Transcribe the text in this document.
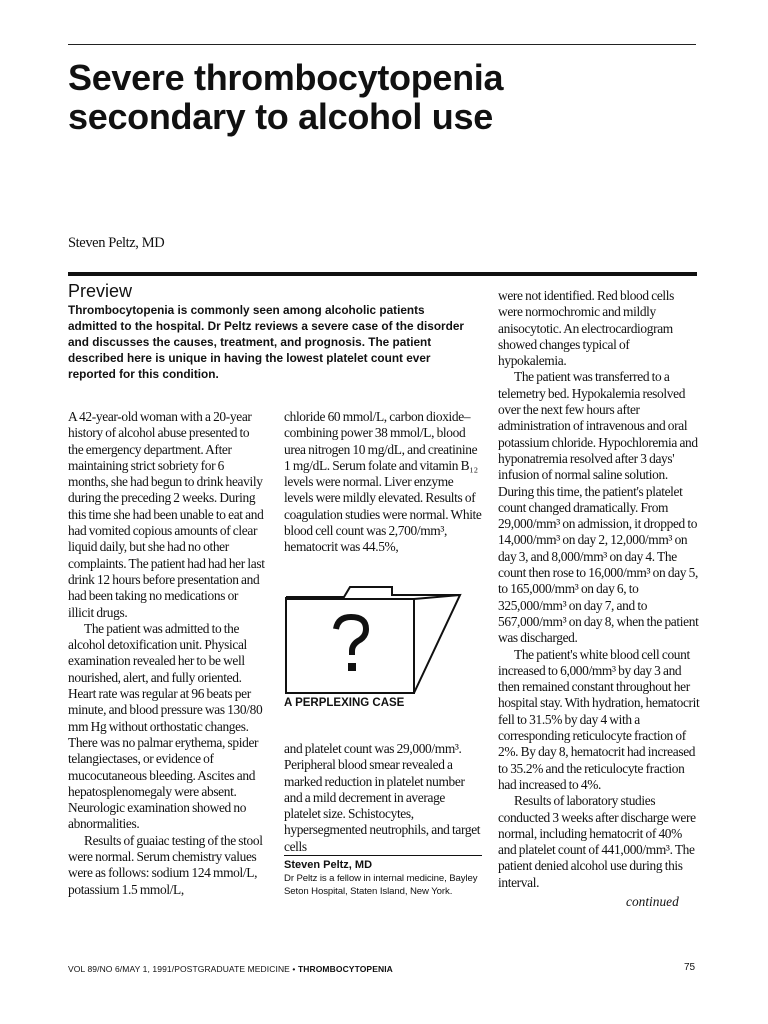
Severe thrombocytopenia
secondary to alcohol use
Steven Peltz, MD
Preview

Thrombocytopenia is commonly seen among alcoholic patients admitted to the hospital. Dr Peltz reviews a severe case of the disorder and discusses the causes, treatment, and prognosis. The patient described here is unique in having the lowest platelet count ever reported for this condition.

A 42-year-old woman with a 20-year history of alcohol abuse presented to the emergency department. After maintaining strict sobriety for 6 months, she had begun to drink heavily during the preceding 2 weeks. During this time she had been unable to eat and had vomited copious amounts of clear liquid daily, but she had no other complaints. The patient had had her last drink 12 hours before presentation and had been taking no medications or illicit drugs.

The patient was admitted to the alcohol detoxification unit. Physical examination revealed her to be well nourished, alert, and fully oriented. Heart rate was regular at 96 beats per minute, and blood pressure was 130/80 mm Hg without orthostatic changes. There was no palmar erythema, spider telangiectases, or evidence of mucocutaneous bleeding. Ascites and hepatosplenomegaly were absent. Neurologic examination showed no abnormalities.

Results of guaiac testing of the stool were normal. Serum chemistry values were as follows: sodium 124 mmol/L, potassium 1.5 mmol/L,

chloride 60 mmol/L, carbon dioxide–combining power 38 mmol/L, blood urea nitrogen 10 mg/dL, and creatinine 1 mg/dL. Serum folate and vitamin B₁₂ levels were normal. Liver enzyme levels were mildly elevated. Results of coagulation studies were normal. White blood cell count was 2,700/mm³, hematocrit was 44.5%,

A PERPLEXING CASE

and platelet count was 29,000/mm³. Peripheral blood smear revealed a marked reduction in platelet number and a mild decrement in average platelet size. Schistocytes, hypersegmented neutrophils, and target cells

Steven Peltz, MD

Dr Peltz is a fellow in internal medicine, Bayley Seton Hospital, Staten Island, New York.

were not identified. Red blood cells were normochromic and mildly anisocytotic. An electrocardiogram showed changes typical of hypokalemia.

The patient was transferred to a telemetry bed. Hypokalemia resolved over the next few hours after administration of intravenous and oral potassium chloride. Hypochloremia and hyponatremia resolved after 3 days' infusion of normal saline solution. During this time, the patient's platelet count changed dramatically. From 29,000/mm³ on admission, it dropped to 14,000/mm³ on day 2, 12,000/mm³ on day 3, and 8,000/mm³ on day 4. The count then rose to 16,000/mm³ on day 5, to 165,000/mm³ on day 6, to 325,000/mm³ on day 7, and to 567,000/mm³ on day 8, when the patient was discharged.

The patient's white blood cell count increased to 6,000/mm³ by day 3 and then remained constant throughout her hospital stay. With hydration, hematocrit fell to 31.5% by day 4 with a corresponding reticulocyte fraction of 2%. By day 8, hematocrit had increased to 35.2% and the reticulocyte fraction had increased to 4%.

Results of laboratory studies conducted 3 weeks after discharge were normal, including hematocrit of 40% and platelet count of 441,000/mm³. The patient denied alcohol use during this interval.

continued
VOL 89/NO 6/MAY 1, 1991/POSTGRADUATE MEDICINE • THROMBOCYTOPENIA	75
